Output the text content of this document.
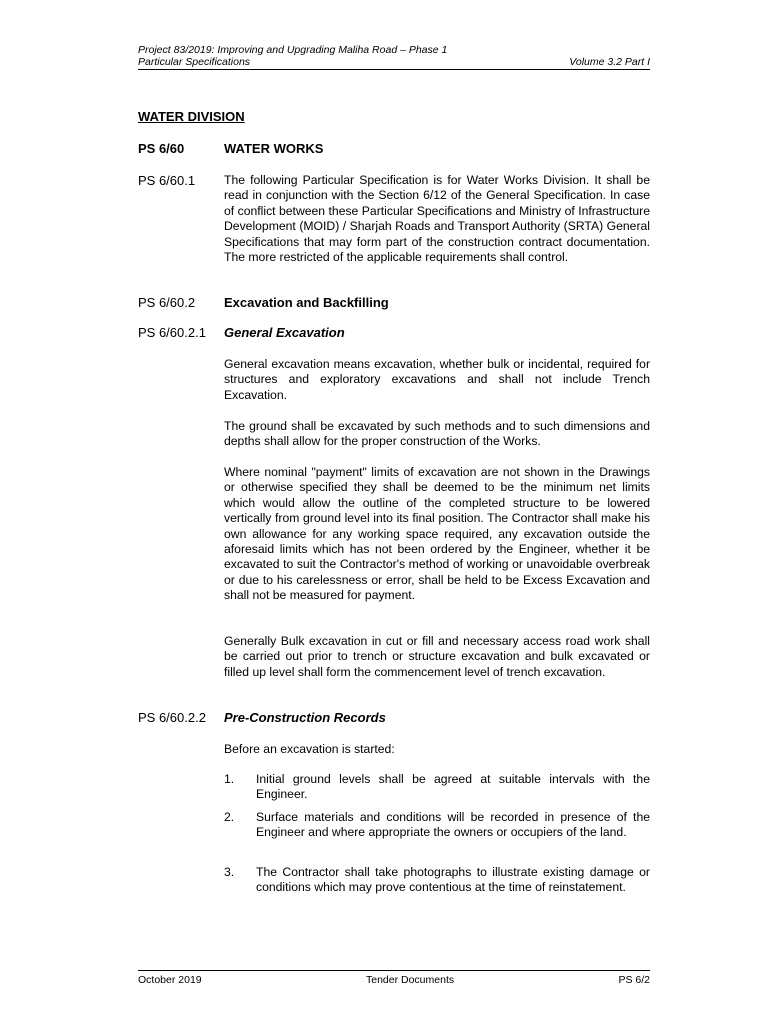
Project 83/2019: Improving and Upgrading Maliha Road – Phase 1
Particular Specifications	Volume 3.2 Part I
WATER DIVISION
PS 6/60	WATER WORKS
PS 6/60.1 The following Particular Specification is for Water Works Division. It shall be read in conjunction with the Section 6/12 of the General Specification. In case of conflict between these Particular Specifications and Ministry of Infrastructure Development (MOID) / Sharjah Roads and Transport Authority (SRTA) General Specifications that may form part of the construction contract documentation. The more restricted of the applicable requirements shall control.

PS 6/60.2 Excavation and Backfilling
PS 6/60.2.1 General Excavation

General excavation means excavation, whether bulk or incidental, required for structures and exploratory excavations and shall not include Trench Excavation.

The ground shall be excavated by such methods and to such dimensions and depths shall allow for the proper construction of the Works.

Where nominal "payment" limits of excavation are not shown in the Drawings or otherwise specified they shall be deemed to be the minimum net limits which would allow the outline of the completed structure to be lowered vertically from ground level into its final position. The Contractor shall make his own allowance for any working space required, any excavation outside the aforesaid limits which has not been ordered by the Engineer, whether it be excavated to suit the Contractor's method of working or unavoidable overbreak or due to his carelessness or error, shall be held to be Excess Excavation and shall not be measured for payment.

Generally Bulk excavation in cut or fill and necessary access road work shall be carried out prior to trench or structure excavation and bulk excavated or filled up level shall form the commencement level of trench excavation.

PS 6/60.2.2 Pre-Construction Records

Before an excavation is started:

1. Initial ground levels shall be agreed at suitable intervals with the Engineer.
2. Surface materials and conditions will be recorded in presence of the Engineer and where appropriate the owners or occupiers of the land.
3. The Contractor shall take photographs to illustrate existing damage or conditions which may prove contentious at the time of reinstatement.
October 2019	Tender Documents	PS 6/2
